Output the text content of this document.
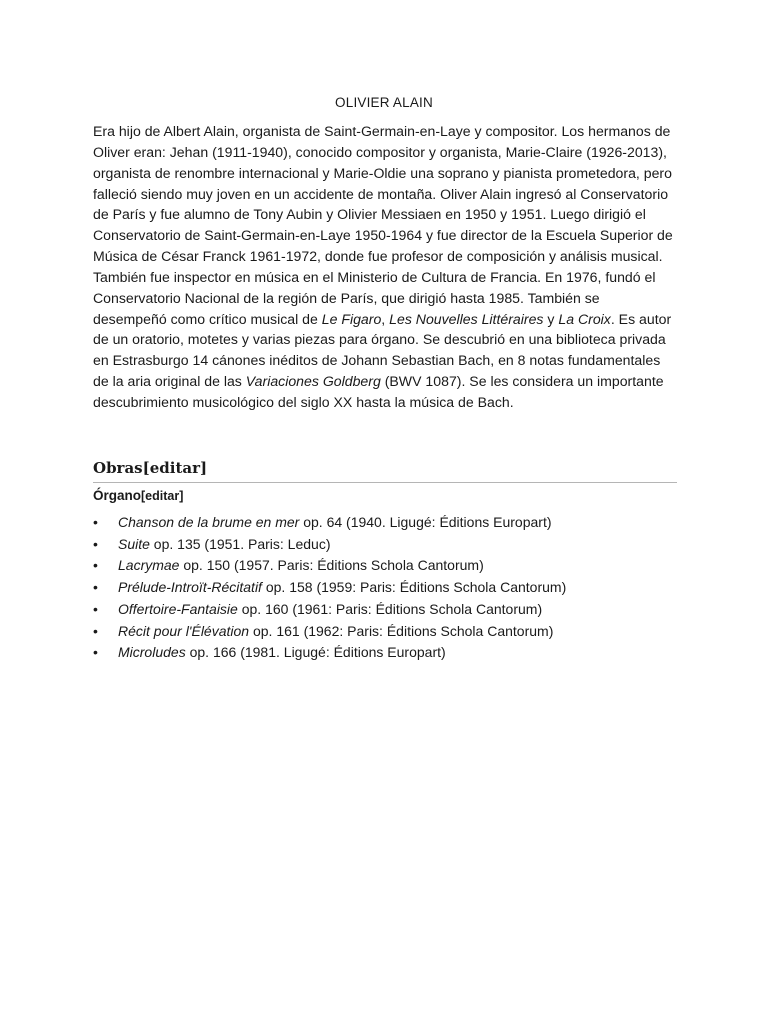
OLIVIER ALAIN

Era hijo de Albert Alain, organista de Saint-Germain-en-Laye y compositor. Los hermanos de Oliver eran: Jehan (1911-1940), conocido compositor y organista, Marie-Claire (1926-2013), organista de renombre internacional y Marie-Oldie una soprano y pianista prometedora, pero falleció siendo muy joven en un accidente de montaña. Oliver Alain ingresó al Conservatorio de París y fue alumno de Tony Aubin y Olivier Messiaen en 1950 y 1951. Luego dirigió el Conservatorio de Saint-Germain-en-Laye 1950-1964 y fue director de la Escuela Superior de Música de César Franck 1961-1972, donde fue profesor de composición y análisis musical. También fue inspector en música en el Ministerio de Cultura de Francia. En 1976, fundó el Conservatorio Nacional de la región de París, que dirigió hasta 1985. También se desempeñó como crítico musical de Le Figaro, Les Nouvelles Littéraires y La Croix. Es autor de un oratorio, motetes y varias piezas para órgano. Se descubrió en una biblioteca privada en Estrasburgo 14 cánones inéditos de Johann Sebastian Bach, en 8 notas fundamentales de la aria original de las Variaciones Goldberg (BWV 1087). Se les considera un importante descubrimiento musicológico del siglo XX hasta la música de Bach.

Obras[editar]
Órgano[editar]
• Chanson de la brume en mer op. 64 (1940. Ligugé: Éditions Europart)
• Suite op. 135 (1951. Paris: Leduc)
• Lacrymae op. 150 (1957. Paris: Éditions Schola Cantorum)
• Prélude-Introït-Récitatif op. 158 (1959: Paris: Éditions Schola Cantorum)
• Offertoire-Fantaisie op. 160 (1961: Paris: Éditions Schola Cantorum)
• Récit pour l'Élévation op. 161 (1962: Paris: Éditions Schola Cantorum)
• Microludes op. 166 (1981. Ligugé: Éditions Europart)
